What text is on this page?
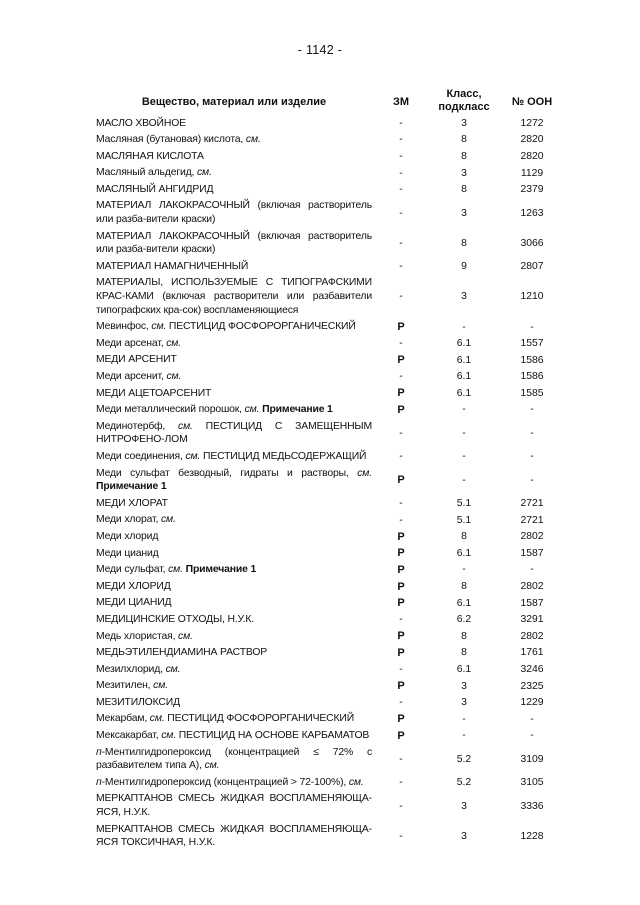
- 1142 -
Вещество, материал или изделие	ЗМ
Класс,
подкласс	№ ООН
МАСЛО ХВОЙНОЕ	-	3	1272
Масляная (бутановая) кислота, см.	-	8	2820
МАСЛЯНАЯ КИСЛОТА	-	8	2820
Масляный альдегид, см.	-	3	1129
МАСЛЯНЫЙ АНГИДРИД	-	8	2379
МАТЕРИАЛ ЛАКОКРАСОЧНЫЙ (включая растворитель или разба-вители краски)
-	3	1263
МАТЕРИАЛ ЛАКОКРАСОЧНЫЙ (включая растворитель или разба-вители краски)
-	8	3066
МАТЕРИАЛ НАМАГНИЧЕННЫЙ	-	9	2807
МАТЕРИАЛЫ, ИСПОЛЬЗУЕМЫЕ С ТИПОГРАФСКИМИ КРАС-КАМИ (включая растворители или разбавители типографских кра-сок) воспламеняющиеся
-	3	1210
Мевинфос, см. ПЕСТИЦИД ФОСФОРОРГАНИЧЕСКИЙ	Р	-	-
Меди арсенат, см.	-	6.1	1557
МЕДИ АРСЕНИТ	Р	6.1	1586
Меди арсенит, см.	-	6.1	1586
МЕДИ АЦЕТОАРСЕНИТ	Р	6.1	1585
Меди металлический порошок, см. Примечание 1	Р	-	-
Мединотербф, см. ПЕСТИЦИД С ЗАМЕЩЕННЫМ НИТРОФЕНО-ЛОМ
-	-	-
Меди соединения, см. ПЕСТИЦИД МЕДЬСОДЕРЖАЩИЙ	-	-	-
Меди сульфат безводный, гидраты и растворы, см. Примечание 1
Р	-	-
МЕДИ ХЛОРАТ	-	5.1	2721
Меди хлорат, см.	-	5.1	2721
Меди хлорид	Р	8	2802
Меди цианид	Р	6.1	1587
Меди сульфат, см. Примечание 1	Р	-	-
МЕДИ ХЛОРИД	Р	8	2802
МЕДИ ЦИАНИД	Р	6.1	1587
МЕДИЦИНСКИЕ ОТХОДЫ, Н.У.К.	-	6.2	3291
Медь хлористая, см.	Р	8	2802
МЕДЬЭТИЛЕНДИАМИНА РАСТВОР	Р	8	1761
Мезилхлорид, см.	-	6.1	3246
Мезитилен, см.	Р	3	2325
МЕЗИТИЛОКСИД	-	3	1229
Мекарбам, см. ПЕСТИЦИД ФОСФОРОРГАНИЧЕСКИЙ	Р	-	-
Мексакарбат, см. ПЕСТИЦИД НА ОСНОВЕ КАРБАМАТОВ	Р	-	-
п-Ментилгидропероксид (концентрацией ≤ 72% с разбавителем типа А), см.
-	5.2	3109
п-Ментилгидропероксид (концентрацией > 72-100%), см.	-	5.2	3105
МЕРКАПТАНОВ СМЕСЬ ЖИДКАЯ ВОСПЛАМЕНЯЮЩА-ЯСЯ, Н.У.К.
-	3	3336
МЕРКАПТАНОВ СМЕСЬ ЖИДКАЯ ВОСПЛАМЕНЯЮЩА-ЯСЯ ТОКСИЧНАЯ, Н.У.К.
-	3	1228
